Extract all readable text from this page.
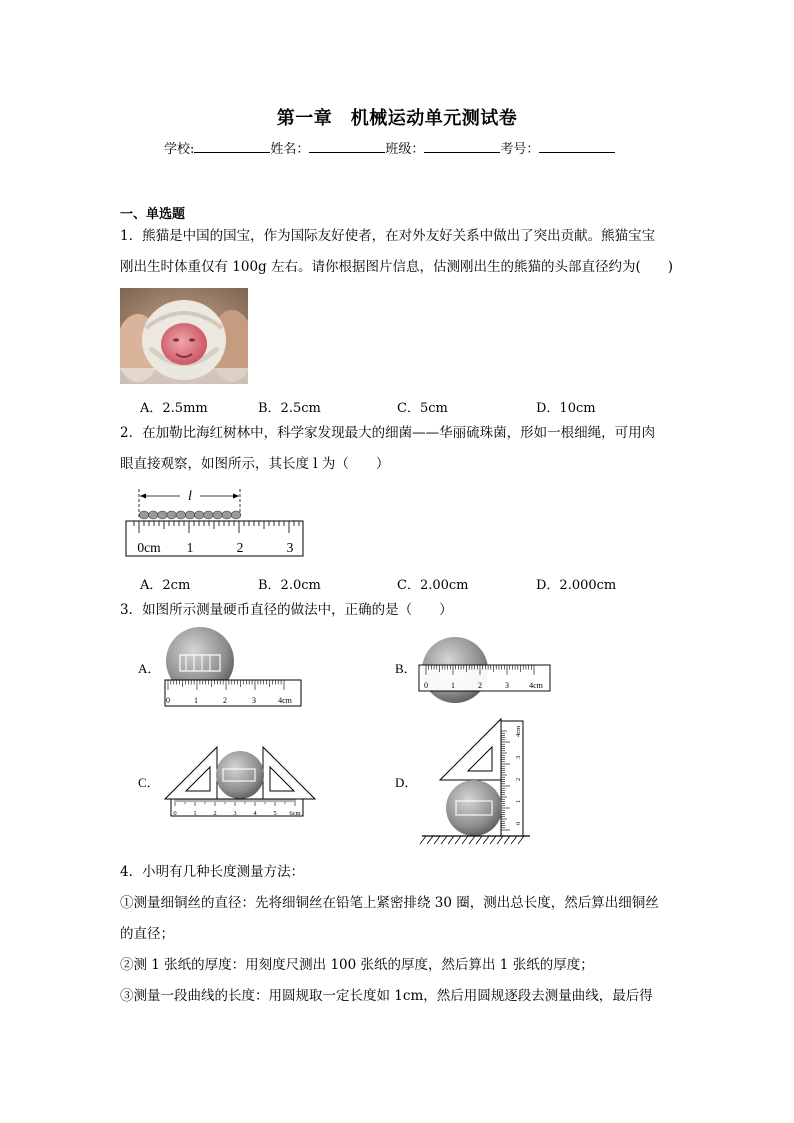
第一章　机械运动单元测试卷
学校:	姓名：	班级：	考号：
一、单选题
1．熊猫是中国的国宝，作为国际友好使者，在对外友好关系中做出了突出贡献。熊猫宝宝
刚出生时体重仅有 100g 左右。请你根据图片信息，估测刚出生的熊猫的头部直径约为(　　)
A．2.5mm	B．2.5cm	C．5cm	D．10cm
2．在加勒比海红树林中，科学家发现最大的细菌——华丽硫珠菌，形如一根细绳，可用肉
眼直接观察，如图所示，其长度 l 为（　　）
l
0cm 1	2	3
A．2cm	B．2.0cm	C．2.00cm	D．2.000cm
3．如图所示测量硬币直径的做法中，正确的是（　　）
A．
0	1	2	3	4cm
B．
0	1	2	3	4cm
C．
0	1	2	3	4	5 6cm
D．
0
1
2
3
4cm
4．小明有几种长度测量方法：
①测量细铜丝的直径：先将细铜丝在铅笔上紧密排绕 30 圈，测出总长度，然后算出细铜丝
的直径；
②测 1 张纸的厚度：用刻度尺测出 100 张纸的厚度，然后算出 1 张纸的厚度；
③测量一段曲线的长度：用圆规取一定长度如 1cm，然后用圆规逐段去测量曲线，最后得
